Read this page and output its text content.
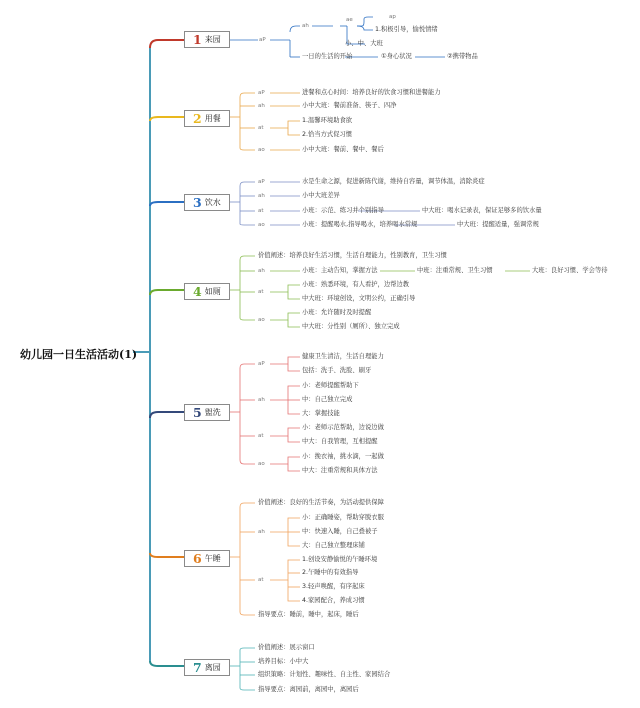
幼儿园一日生活活动(1)
1 来园
2 用餐
3 饮水
4 如厕
5 盥洗
6 午睡
7 离园
aP
ah
ae	ap
1.积极引导，愉悦情绪
小、中、大班
一日的生活的开始	①身心状况	②携带物品
aP	进餐和点心时间：培养良好的饮食习惯和进餐能力
ah	小中大班：餐前准备、筷子、四净
at
1.温馨环境助食欲
2.恰当方式促习惯
ao	小中大班：餐前、餐中、餐后
aP	水是生命之源，促进新陈代谢，维持自容量，调节体温，消除炎症
ah	小中大班差异
at	小班：示范、练习并个别指导	中大班：喝水记录表，保证足够多的饮水量
ao	小班：提醒喝水,指导喝水，培养喝水常规	中大班：提醒适量，强调常规
价值阐述：培养良好生活习惯，生活自理能力，性别教育，卫生习惯
ah	小班：主动告知，掌握方法	中班：注重常规、卫生习惯	大班：良好习惯、学会等待
at
小班：熟悉环境，有人看护，边帮边教
中大班：环境创设，文明公约，正确引导
ao
小班：允许随时及时提醒
中大班：分性别（厕所）、独立完成
aP
健康卫生清洁，生活自理能力
包括：洗手、洗脸、刷牙
ah
小：老师提醒帮助下
中：自己独立完成
大：掌握技能
at
小：老师示范帮助，边说边做
中大：自我管理，互相提醒
ao
小：挽衣袖，挑水滴，一起做
中大：注重常规和具体方法
价值阐述：良好的生活节奏，为活动提供保障
ah
小：正确睡姿，帮助穿脱衣服
中：快速入睡，自己叠被子
大：自己独立整理床铺
at
1.创设安静愉悦的午睡环境
2.午睡中的有效指导
3.轻声唤醒，有序起床
4.家园配合，养成习惯
指导要点：睡前，睡中，起床，睡后
价值阐述：展示窗口
培养目标：小中大
组织策略：计划性、趣味性、自主性、家园结合
指导要点：离园前，离园中，离园后
